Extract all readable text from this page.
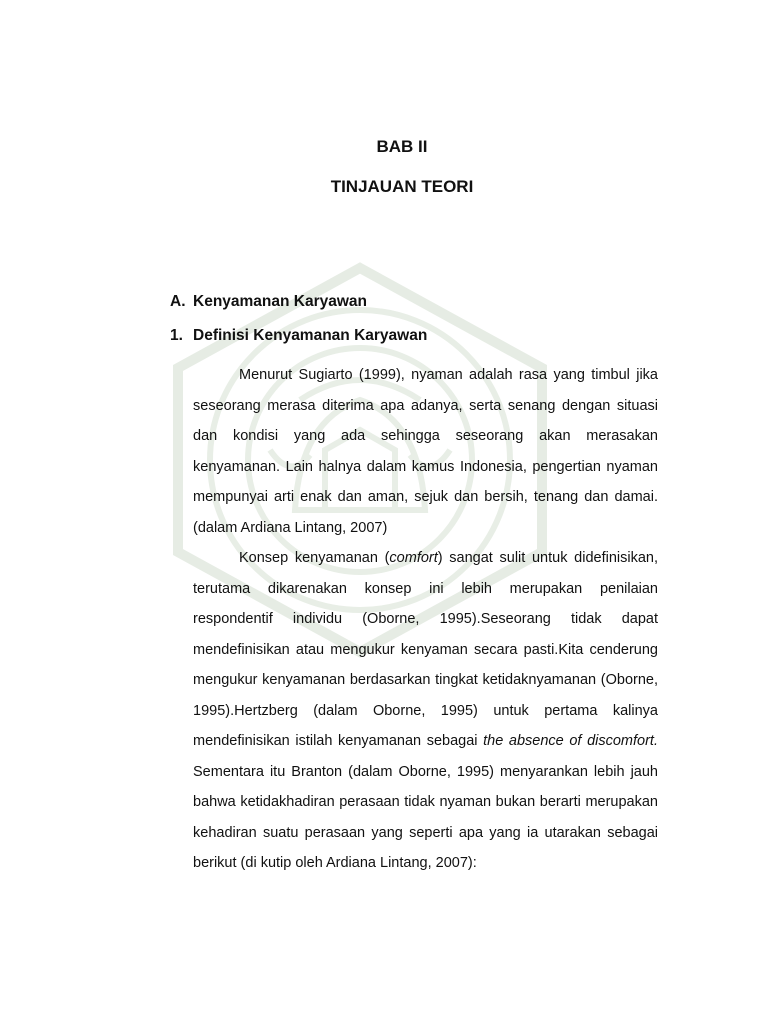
BAB II
TINJAUAN TEORI
A. Kenyamanan Karyawan
1. Definisi Kenyamanan Karyawan

Menurut Sugiarto (1999), nyaman adalah rasa yang timbul jika seseorang merasa diterima apa adanya, serta senang dengan situasi dan kondisi yang ada sehingga seseorang akan merasakan kenyamanan. Lain halnya dalam kamus Indonesia, pengertian nyaman mempunyai arti enak dan aman, sejuk dan bersih, tenang dan damai. (dalam Ardiana Lintang, 2007)

Konsep kenyamanan (comfort) sangat sulit untuk didefinisikan, terutama dikarenakan konsep ini lebih merupakan penilaian respondentif individu (Oborne, 1995).Seseorang tidak dapat mendefinisikan atau mengukur kenyaman secara pasti.Kita cenderung mengukur kenyamanan berdasarkan tingkat ketidaknyamanan (Oborne, 1995).Hertzberg (dalam Oborne, 1995) untuk pertama kalinya mendefinisikan istilah kenyamanan sebagai the absence of discomfort. Sementara itu Branton (dalam Oborne, 1995) menyarankan lebih jauh bahwa ketidakhadiran perasaan tidak nyaman bukan berarti merupakan kehadiran suatu perasaan yang seperti apa yang ia utarakan sebagai berikut (di kutip oleh Ardiana Lintang, 2007):
